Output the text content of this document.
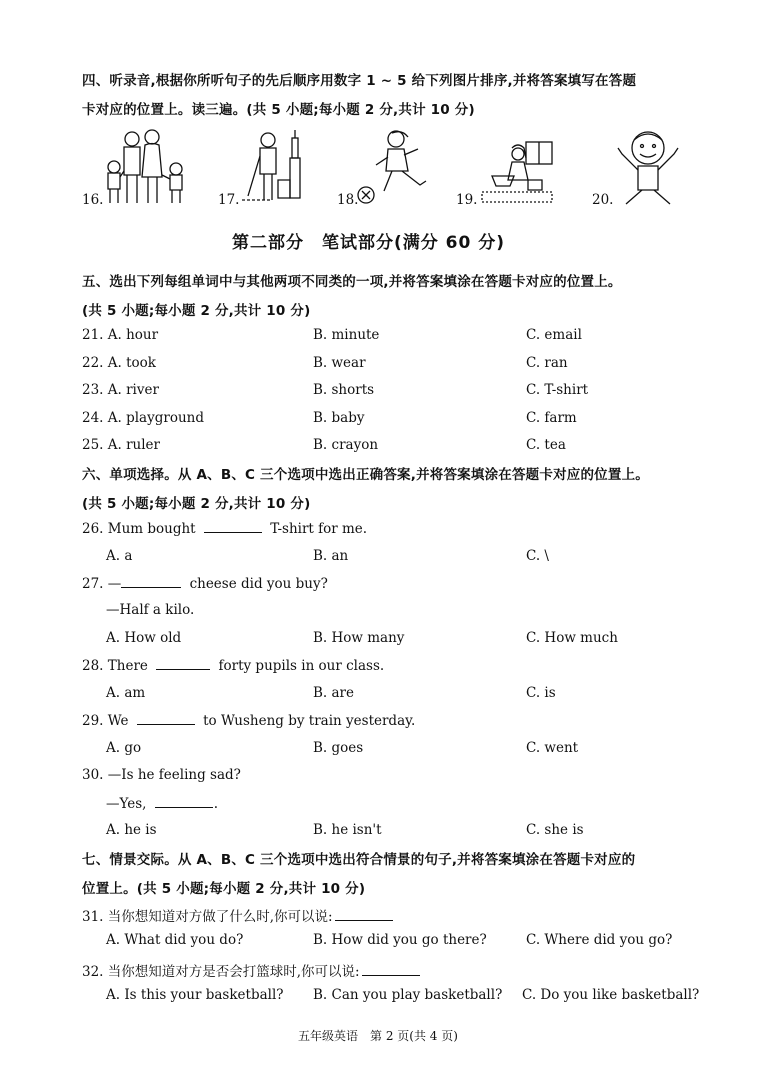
四、听录音,根据你所听句子的先后顺序用数字 1 ~ 5 给下列图片排序,并将答案填写在答题
卡对应的位置上。读三遍。(共 5 小题;每小题 2 分,共计 10 分)
16.	17.	18.	19.	20.
第二部分　笔试部分(满分 60 分)
五、选出下列每组单词中与其他两项不同类的一项,并将答案填涂在答题卡对应的位置上。
(共 5 小题;每小题 2 分,共计 10 分)
21. A. hour	B. minute	C. email
22. A. took	B. wear	C. ran
23. A. river	B. shorts	C. T-shirt
24. A. playground	B. baby	C. farm
25. A. ruler	B. crayon	C. tea
六、单项选择。从 A、B、C 三个选项中选出正确答案,并将答案填涂在答题卡对应的位置上。
(共 5 小题;每小题 2 分,共计 10 分)
26. Mum bought	T-shirt for me.
A. a	B. an	C. \
27. —	cheese did you buy?
—Half a kilo.
A. How old	B. How many	C. How much
28. There	forty pupils in our class.
A. am	B. are	C. is
29. We	to Wusheng by train yesterday.
A. go	B. goes	C. went
30. —Is he feeling sad?
—Yes,	.
A. he is	B. he isn't	C. she is
七、情景交际。从 A、B、C 三个选项中选出符合情景的句子,并将答案填涂在答题卡对应的
位置上。(共 5 小题;每小题 2 分,共计 10 分)
31. 当你想知道对方做了什么时,你可以说:
A. What did you do?	B. How did you go there?	C. Where did you go?
32. 当你想知道对方是否会打篮球时,你可以说:
A. Is this your basketball? B. Can you play basketball? C. Do you like basketball?
五年级英语　第 2 页(共 4 页)
